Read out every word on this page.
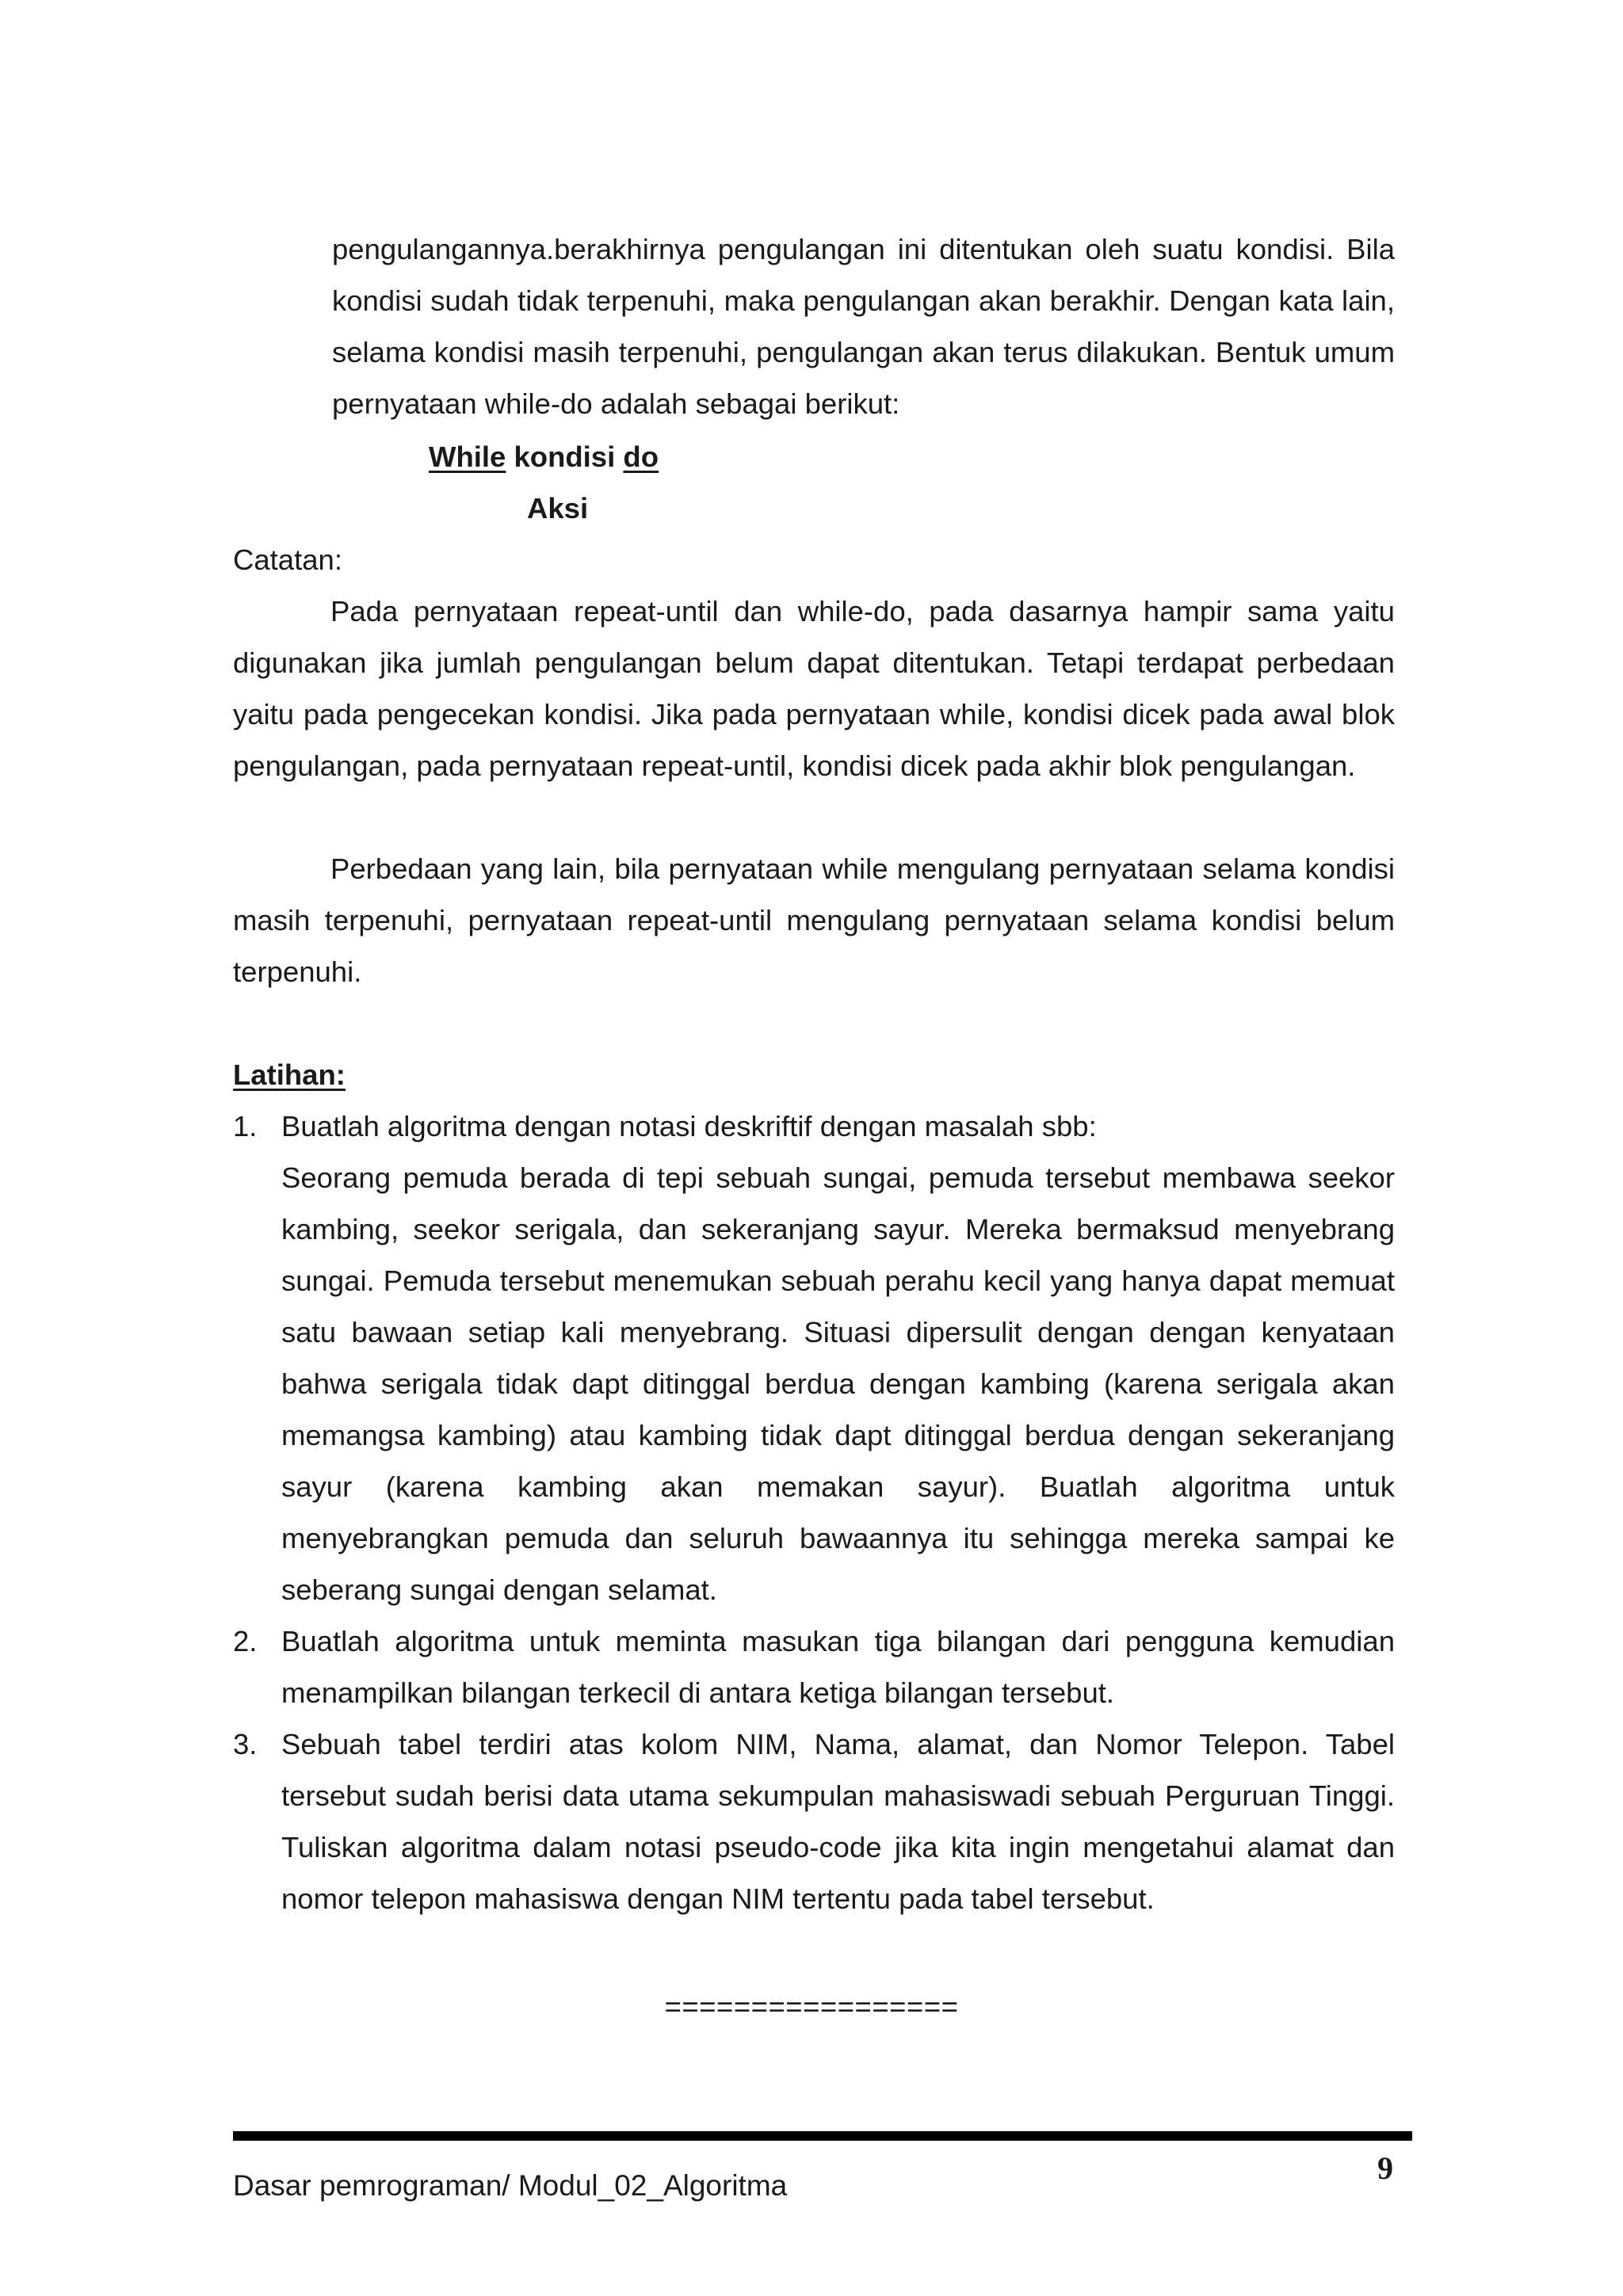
pengulangannya.berakhirnya pengulangan ini ditentukan oleh suatu kondisi. Bila kondisi sudah tidak terpenuhi, maka pengulangan akan berakhir. Dengan kata lain, selama kondisi masih terpenuhi, pengulangan akan terus dilakukan. Bentuk umum pernyataan while-do adalah sebagai berikut:

While kondisi do
Aksi

Catatan:

Pada pernyataan repeat-until dan while-do, pada dasarnya hampir sama yaitu digunakan jika jumlah pengulangan belum dapat ditentukan. Tetapi terdapat perbedaan yaitu pada pengecekan kondisi. Jika pada pernyataan while, kondisi dicek pada awal blok pengulangan, pada pernyataan repeat-until, kondisi dicek pada akhir blok pengulangan.

Perbedaan yang lain, bila pernyataan while mengulang pernyataan selama kondisi masih terpenuhi, pernyataan repeat-until mengulang pernyataan selama kondisi belum terpenuhi.

Latihan:

1. Buatlah algoritma dengan notasi deskriftif dengan masalah sbb:
Seorang pemuda berada di tepi sebuah sungai, pemuda tersebut membawa seekor kambing, seekor serigala, dan sekeranjang sayur. Mereka bermaksud menyebrang sungai. Pemuda tersebut menemukan sebuah perahu kecil yang hanya dapat memuat satu bawaan setiap kali menyebrang. Situasi dipersulit dengan dengan kenyataan bahwa serigala tidak dapt ditinggal berdua dengan kambing (karena serigala akan memangsa kambing) atau kambing tidak dapt ditinggal berdua dengan sekeranjang sayur (karena kambing akan memakan sayur). Buatlah algoritma untuk menyebrangkan pemuda dan seluruh bawaannya itu sehingga mereka sampai ke seberang sungai dengan selamat.
2. Buatlah algoritma untuk meminta masukan tiga bilangan dari pengguna kemudian menampilkan bilangan terkecil di antara ketiga bilangan tersebut.
3. Sebuah tabel terdiri atas kolom NIM, Nama, alamat, dan Nomor Telepon. Tabel tersebut sudah berisi data utama sekumpulan mahasiswadi sebuah Perguruan Tinggi. Tuliskan algoritma dalam notasi pseudo-code jika kita ingin mengetahui alamat dan nomor telepon mahasiswa dengan NIM tertentu pada tabel tersebut.
=================
Dasar pemrograman/ Modul_02_Algoritma	9
